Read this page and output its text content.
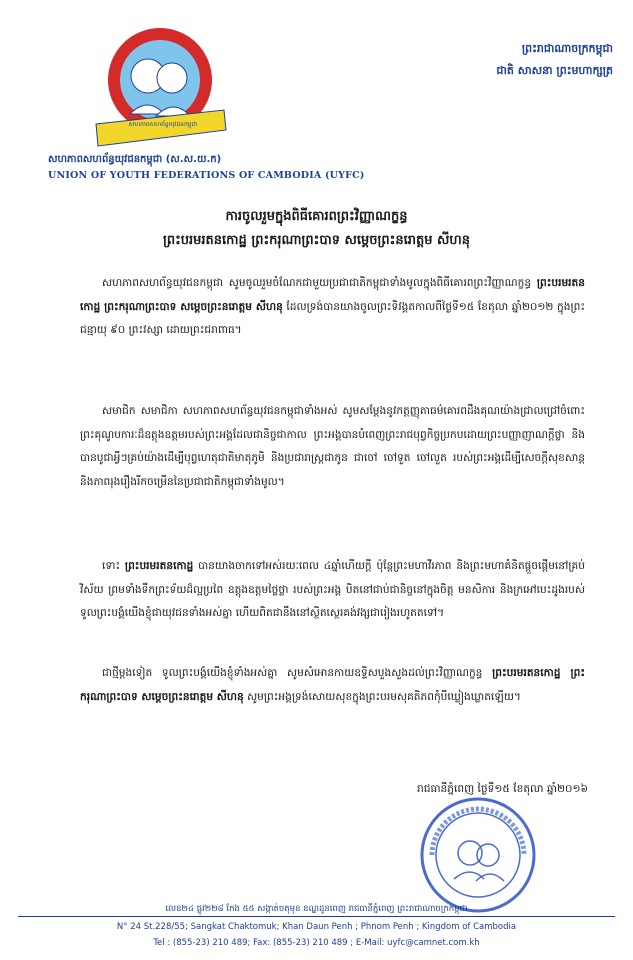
សហភាពសហព័ន្ធយុវជនកម្ពុជា
សហភាពសហព័ន្ធយុវជនកម្ពុជា (ស.ស.យ.ក)
UNION OF YOUTH FEDERATIONS OF CAMBODIA (UYFC)
ព្រះរាជាណាចក្រកម្ពុជា
ជាតិ សាសនា ព្រះមហាក្សត្រ
ការចូលរួមក្នុងពិធីគោរពព្រះវិញ្ញាណក្ខន្ធ
ព្រះបរមរតនកោដ្ឋ ព្រះករុណាព្រះបាទ សម្តេចព្រះនរោត្តម សីហនុ
សហភាពសហព័ន្ធយុវជនកម្ពុជា សូមចូលរួមចំណែកជាមួយប្រជាជាតិកម្ពុជាទាំងមូលក្នុងពិធីគោរពព្រះវិញ្ញាណក្ខន្ធ ព្រះបរមរតនកោដ្ឋ ព្រះករុណាព្រះបាទ សម្តេចព្រះនរោត្តម សីហនុ ដែលទ្រង់បានយាងចូលព្រះទិវង្គតកាលពីថ្ងៃទី១៥ ខែតុលា ឆ្នាំ២០១២ ក្នុងព្រះជន្មាយុ ៩០ ព្រះវស្សា ដោយព្រះជរាពាធ។
សមាជិក សមាជិកា សហភាពសហព័ន្ធយុវជនកម្ពុជាទាំងអស់ សូមសម្តែងនូវកត្តញ្ញុតាធម៌គោរពដឹងគុណយ៉ាងជ្រាលជ្រៅចំពោះព្រះគុណូបការៈដ៏ឧត្តុងឧត្តមរបស់ព្រះអង្គដែលជានិច្ចជាកាល ព្រះអង្គបានបំពេញព្រះរាជបុព្វកិច្ចប្រកបដោយព្រះបញ្ញាញាណក្តីថ្លា និងបានបូជាអ្វីៗគ្រប់យ៉ាងដើម្បីបុព្វហេតុជាតិមាតុភូមិ និងប្រជារាស្ត្រជាកូន ជាចៅ ចៅទួត ចៅលួត របស់ព្រះអង្គដើម្បីសេចក្តីសុខសាន្ត និងភាពរុងរឿងរីកចម្រើននៃប្រជាជាតិកម្ពុជាទាំងមូល។
ទោះ ព្រះបរមរតនកោដ្ឋ បានយាងចាកទៅអស់រយៈពេល ៤ឆ្នាំហើយក្តី ប៉ុន្តែព្រះមហាវីរភាព និងព្រះមហាគំនិតផ្តួចផ្តើមនៅគ្រប់វិស័យ ព្រមទាំងទឹកព្រះទ័យដ៏ល្អប្រពៃ ឧត្តុងឧត្តមថ្លៃថ្លា របស់ព្រះអង្គ បិតនៅជាប់ជានិច្ចនៅក្នុងចិត្ត មនសិការ និងក្រអៅបេះដូងរបស់ទូលព្រះបង្គំយើងខ្ញុំជាយុវជនទាំងអស់គ្នា ហើយពិតជានឹងនៅស្ថិតស្ថេរគង់វង្សជារៀងរហូតតទៅ។
ជាថ្មីម្តងទៀត ទូលព្រះបង្គំយើងខ្ញុំទាំងអស់គ្នា សូមសំអោនកាយឧទ្ទិសបួងសួងដល់ព្រះវិញ្ញាណក្ខន្ធ ព្រះបរមរតនកោដ្ឋ ព្រះករុណាព្រះបាទ សម្តេចព្រះនរោត្តម សីហនុ សូមព្រះអង្គទ្រង់សោយសុខក្នុងព្រះបរមសុគតិភពកុំបីឃ្លៀងឃ្លាតឡើយ។
រាជធានីភ្នំពេញ ថ្ងៃទី១៥ ខែតុលា ឆ្នាំ២០១៦
លេខ២៤ ផ្លូវ២២៨ កែង ៥៥ សង្កាត់ចតុមុខ ខណ្ឌដូនពេញ រាជធានីភ្នំពេញ ព្រះរាជាណាចក្រកម្ពុជា
N° 24 St.228/55; Sangkat Chaktomuk; Khan Daun Penh ; Phnom Penh ; Kingdom of Cambodia
Tel : (855-23) 210 489; Fax: (855-23) 210 489 ; E-Mail: uyfc@camnet.com.kh
